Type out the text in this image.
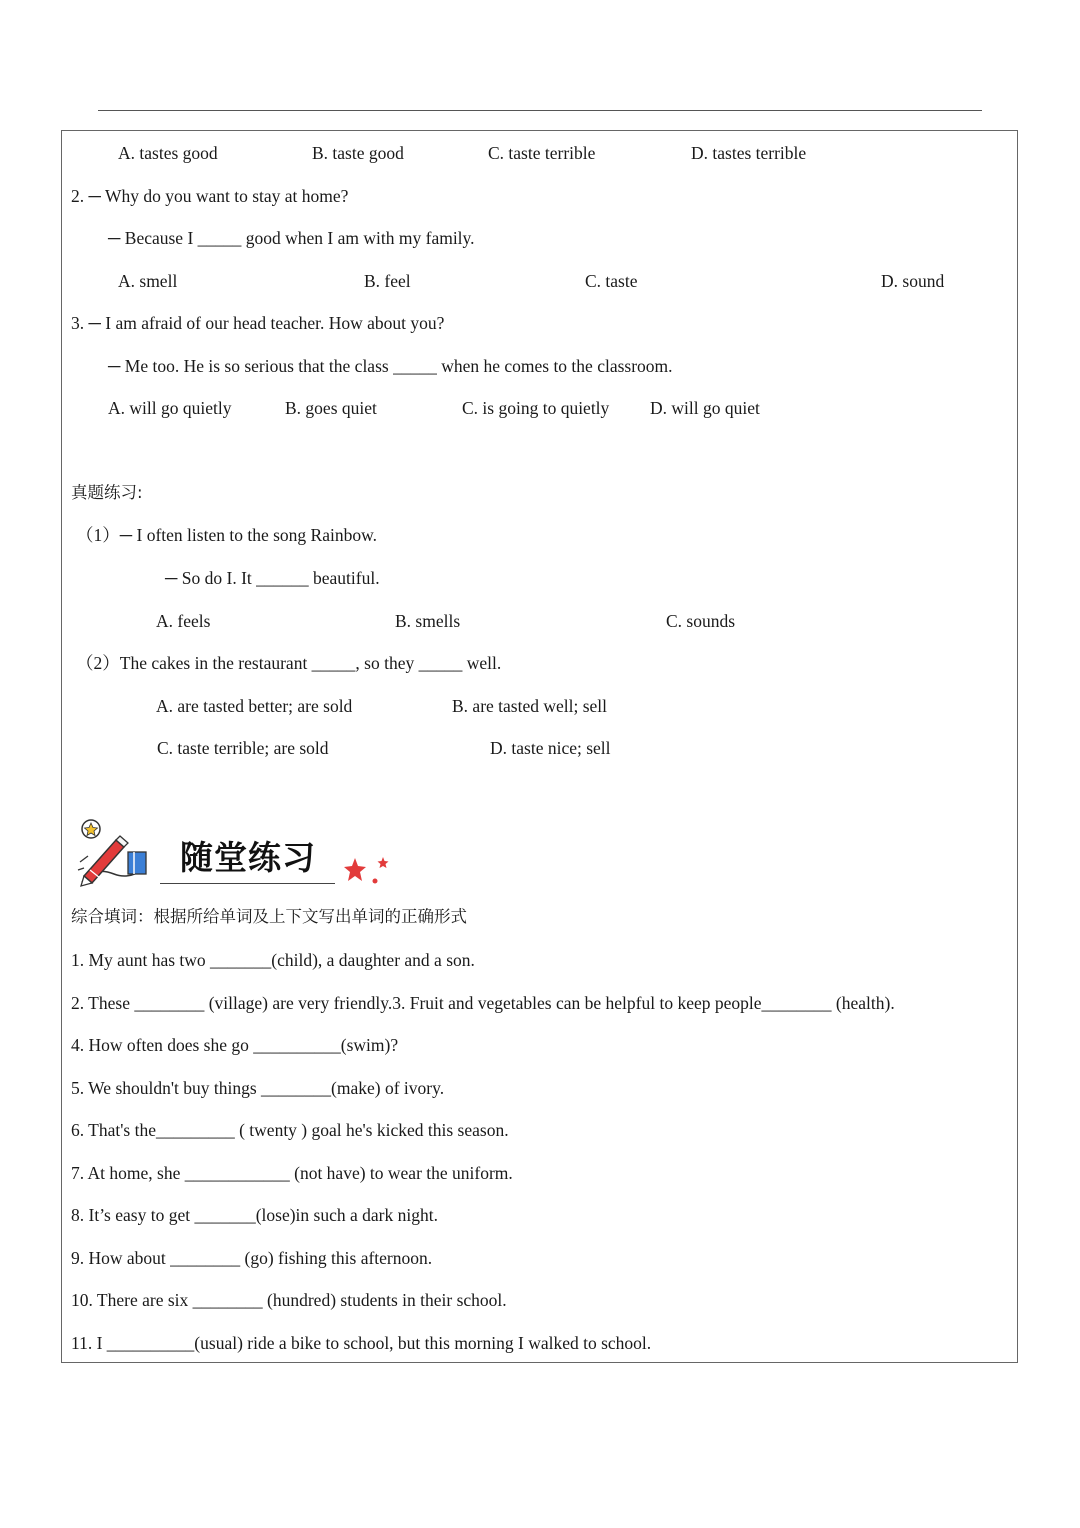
A. tastes good	B. taste good	C. taste terrible	D. tastes terrible
2. ─ Why do you want to stay at home?
─ Because I _____ good when I am with my family.
A. smell	B. feel	C. taste	D. sound
3. ─ I am afraid of our head teacher. How about you?
─ Me too. He is so serious that the class _____ when he comes to the classroom.
A. will go quietly	B. goes quiet	C. is going to quietly D. will go quiet
真题练习:
（1）─ I often listen to the song Rainbow.
─ So do I. It ______ beautiful.
A. feels	B. smells	C. sounds
（2）The cakes in the restaurant _____, so they _____ well.
A. are tasted better; are sold	B. are tasted well; sell
C. taste terrible; are sold	D. taste nice; sell
随堂练习
综合填词：根据所给单词及上下文写出单词的正确形式
1. My aunt has two _______(child), a daughter and a son.
2. These ________ (village) are very friendly.3. Fruit and vegetables can be helpful to keep people________ (health).
4. How often does she go __________(swim)?
5. We shouldn't buy things ________(make) of ivory.
6. That's the_________ ( twenty ) goal he's kicked this season.
7. At home, she ____________ (not have) to wear the uniform.
8. It’s easy to get _______(lose)in such a dark night.
9. How about ________ (go) fishing this afternoon.
10. There are six ________ (hundred) students in their school.
11. I __________(usual) ride a bike to school, but this morning I walked to school.
